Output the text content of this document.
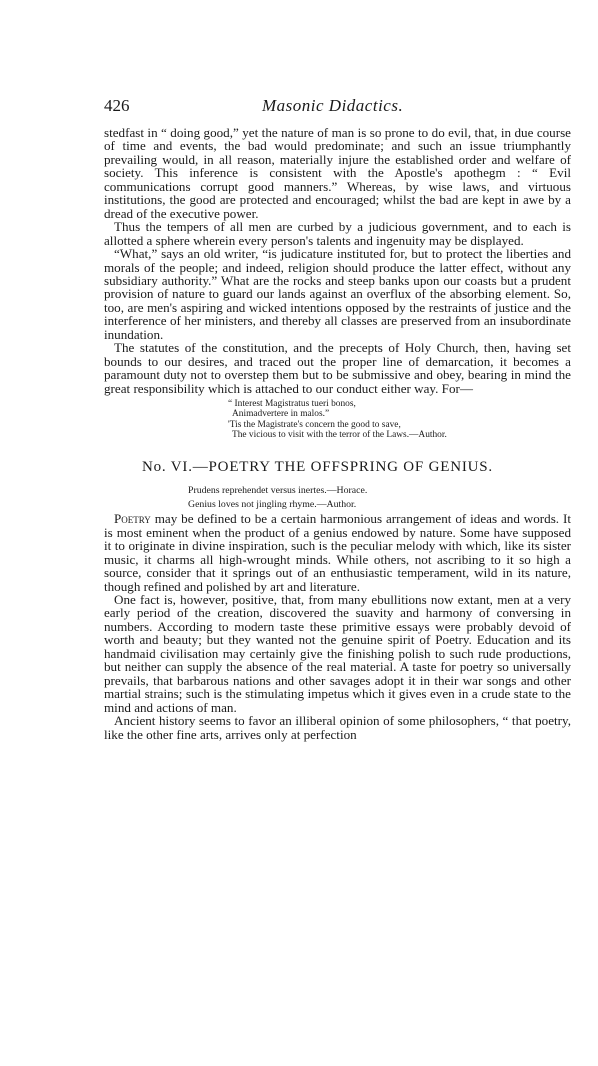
426	Masonic Didactics.

stedfast in “ doing good,” yet the nature of man is so prone to do evil, that, in due course of time and events, the bad would predominate; and such an issue triumphantly prevailing would, in all reason, materially injure the established order and welfare of society. This inference is consistent with the Apostle's apothegm : “ Evil communications corrupt good manners.” Whereas, by wise laws, and virtuous institutions, the good are protected and encouraged; whilst the bad are kept in awe by a dread of the executive power.

Thus the tempers of all men are curbed by a judicious government, and to each is allotted a sphere wherein every person's talents and ingenuity may be displayed.

“What,” says an old writer, “is judicature instituted for, but to protect the liberties and morals of the people; and indeed, religion should produce the latter effect, without any subsidiary authority.” What are the rocks and steep banks upon our coasts but a prudent provision of nature to guard our lands against an overflux of the absorbing element. So, too, are men's aspiring and wicked intentions opposed by the restraints of justice and the interference of her ministers, and thereby all classes are preserved from an insubordinate inundation.

The statutes of the constitution, and the precepts of Holy Church, then, having set bounds to our desires, and traced out the proper line of demarcation, it becomes a paramount duty not to overstep them but to be submissive and obey, bearing in mind the great responsibility which is attached to our conduct either way. For—

“ Interest Magistratus tueri bonos,
Animadvertere in malos.”
'Tis the Magistrate's concern the good to save,
The vicious to visit with the terror of the Laws.—Author.
No. VI.—POETRY THE OFFSPRING OF GENIUS.
Prudens reprehendet versus inertes.—Horace.
Genius loves not jingling rhyme.—Author.

Poetry may be defined to be a certain harmonious arrangement of ideas and words. It is most eminent when the product of a genius endowed by nature. Some have supposed it to originate in divine inspiration, such is the peculiar melody with which, like its sister music, it charms all high-wrought minds. While others, not ascribing to it so high a source, consider that it springs out of an enthusiastic temperament, wild in its nature, though refined and polished by art and literature.

One fact is, however, positive, that, from many ebullitions now extant, men at a very early period of the creation, discovered the suavity and harmony of conversing in numbers. According to modern taste these primitive essays were probably devoid of worth and beauty; but they wanted not the genuine spirit of Poetry. Education and its handmaid civilisation may certainly give the finishing polish to such rude productions, but neither can supply the absence of the real material. A taste for poetry so universally prevails, that barbarous nations and other savages adopt it in their war songs and other martial strains; such is the stimulating impetus which it gives even in a crude state to the mind and actions of man.

Ancient history seems to favor an illiberal opinion of some philosophers, “ that poetry, like the other fine arts, arrives only at perfection
